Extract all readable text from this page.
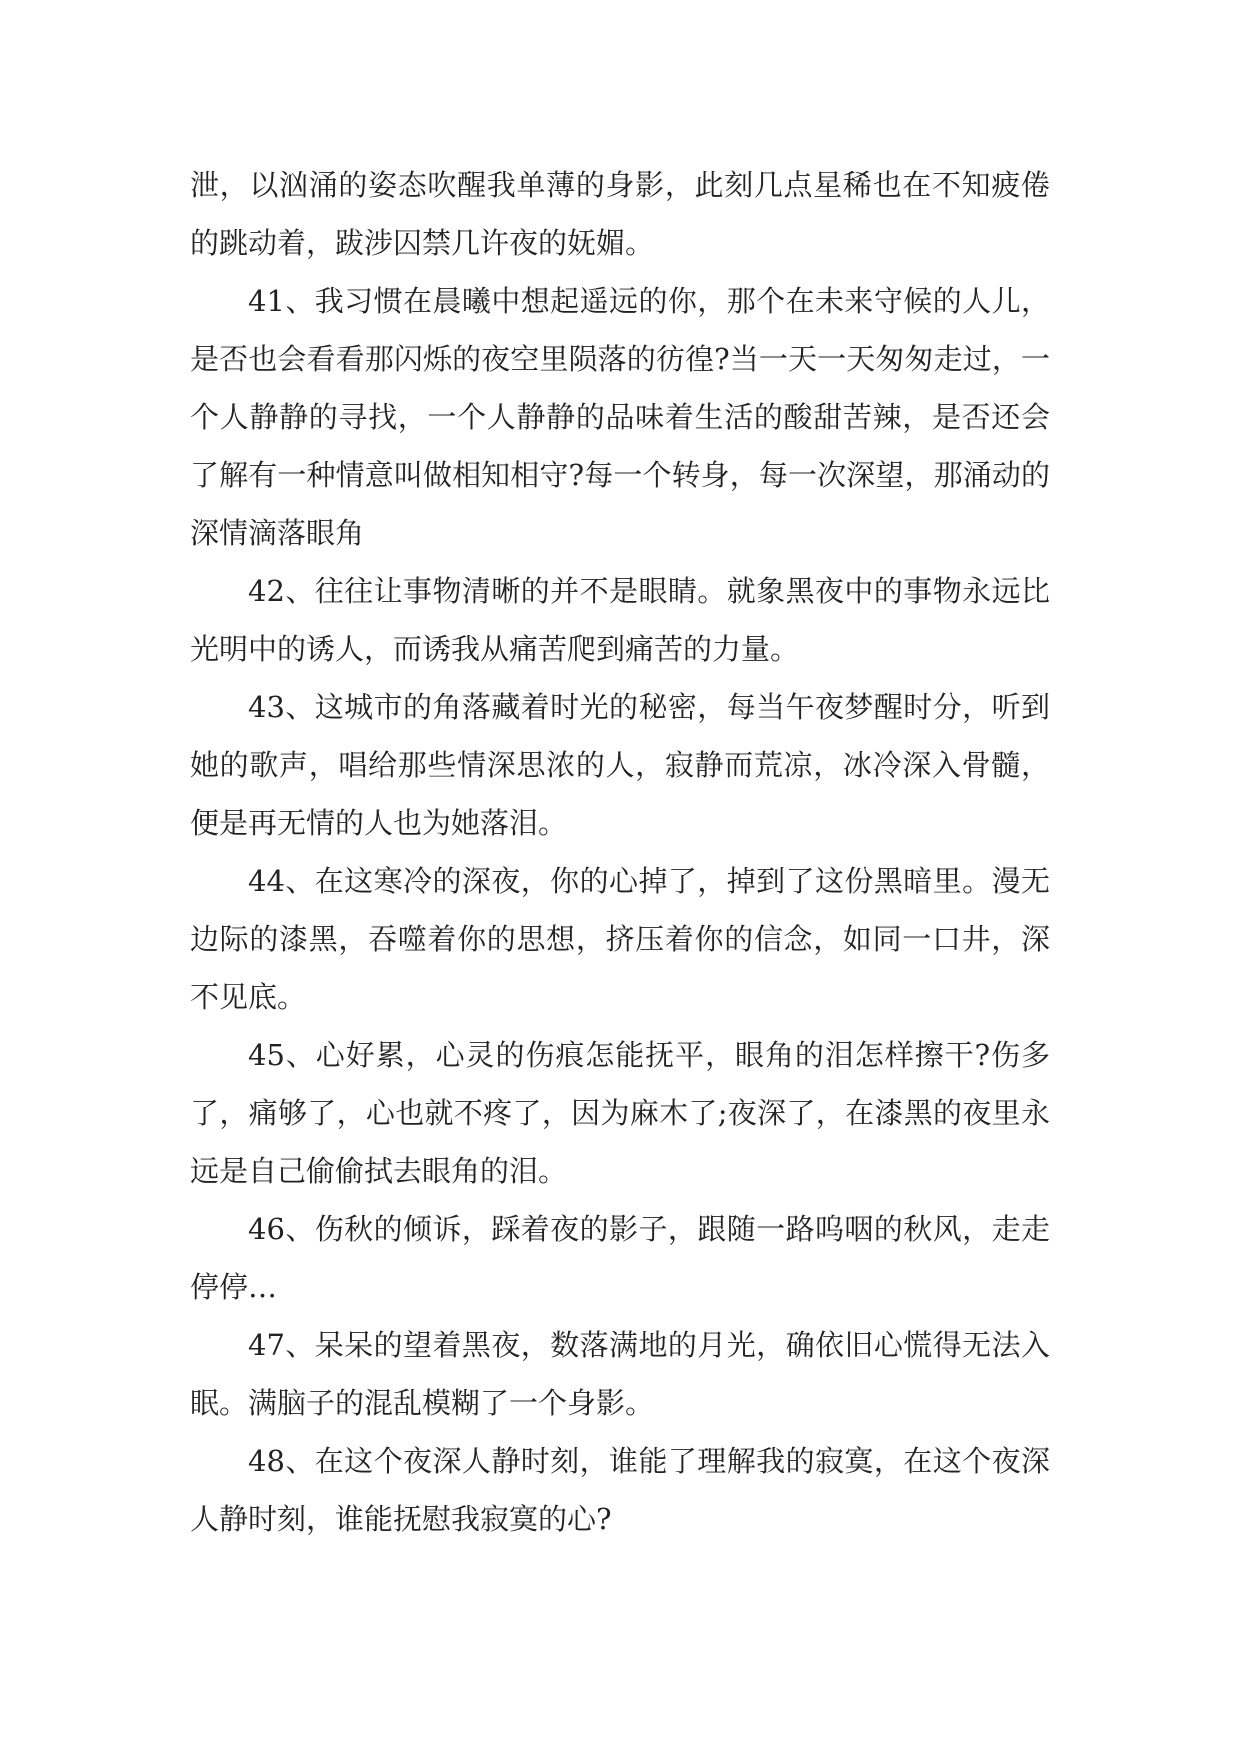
泄，以汹涌的姿态吹醒我单薄的身影，此刻几点星稀也在不知疲倦的跳动着，跋涉囚禁几许夜的妩媚。

41、我习惯在晨曦中想起遥远的你，那个在未来守候的人儿，是否也会看看那闪烁的夜空里陨落的彷徨?当一天一天匆匆走过，一个人静静的寻找，一个人静静的品味着生活的酸甜苦辣，是否还会了解有一种情意叫做相知相守?每一个转身，每一次深望，那涌动的深情滴落眼角

42、往往让事物清晰的并不是眼睛。就象黑夜中的事物永远比光明中的诱人，而诱我从痛苦爬到痛苦的力量。

43、这城市的角落藏着时光的秘密，每当午夜梦醒时分，听到她的歌声，唱给那些情深思浓的人，寂静而荒凉，冰冷深入骨髓，便是再无情的人也为她落泪。

44、在这寒冷的深夜，你的心掉了，掉到了这份黑暗里。漫无边际的漆黑，吞噬着你的思想，挤压着你的信念，如同一口井，深不见底。

45、心好累，心灵的伤痕怎能抚平，眼角的泪怎样擦干?伤多了，痛够了，心也就不疼了，因为麻木了;夜深了，在漆黑的夜里永远是自己偷偷拭去眼角的泪。

46、伤秋的倾诉，踩着夜的影子，跟随一路呜咽的秋风，走走停停…

47、呆呆的望着黑夜，数落满地的月光，确依旧心慌得无法入眠。满脑子的混乱模糊了一个身影。

48、在这个夜深人静时刻，谁能了理解我的寂寞，在这个夜深人静时刻，谁能抚慰我寂寞的心?
